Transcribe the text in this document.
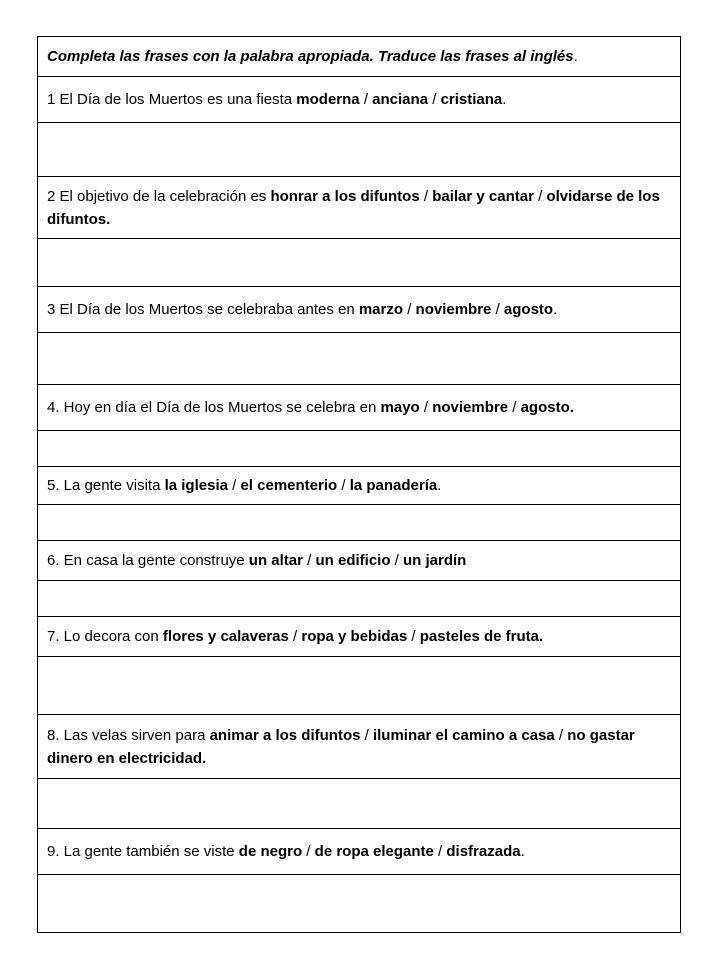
Completa las frases con la palabra apropiada. Traduce las frases al inglés.
1 El Día de los Muertos es una fiesta moderna / anciana / cristiana.

2 El objetivo de la celebración es honrar a los difuntos / bailar y cantar / olvidarse de los difuntos.

3 El Día de los Muertos se celebraba antes en marzo / noviembre / agosto.

4. Hoy en día el Día de los Muertos se celebra en mayo / noviembre / agosto.

5. La gente visita la iglesia / el cementerio / la panadería.

6. En casa la gente construye un altar / un edificio / un jardín

7. Lo decora con flores y calaveras / ropa y bebidas / pasteles de fruta.

8. Las velas sirven para animar a los difuntos / iluminar el camino a casa / no gastar dinero en electricidad.

9. La gente también se viste de negro / de ropa elegante / disfrazada.
